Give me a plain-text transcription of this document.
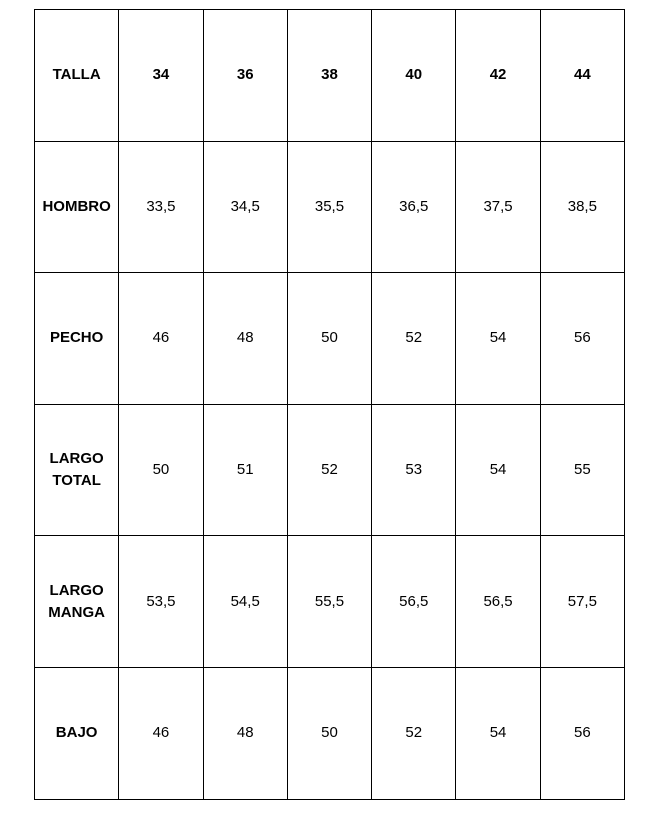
TALLA	34	36	38	40	42	44
HOMBRO	33,5	34,5	35,5	36,5	37,5	38,5
PECHO	46	48	50	52	54	56
LARGO
TOTAL	50	51	52	53	54	55
LARGO
MANGA	53,5	54,5	55,5	56,5	56,5	57,5
BAJO	46	48	50	52	54	56
